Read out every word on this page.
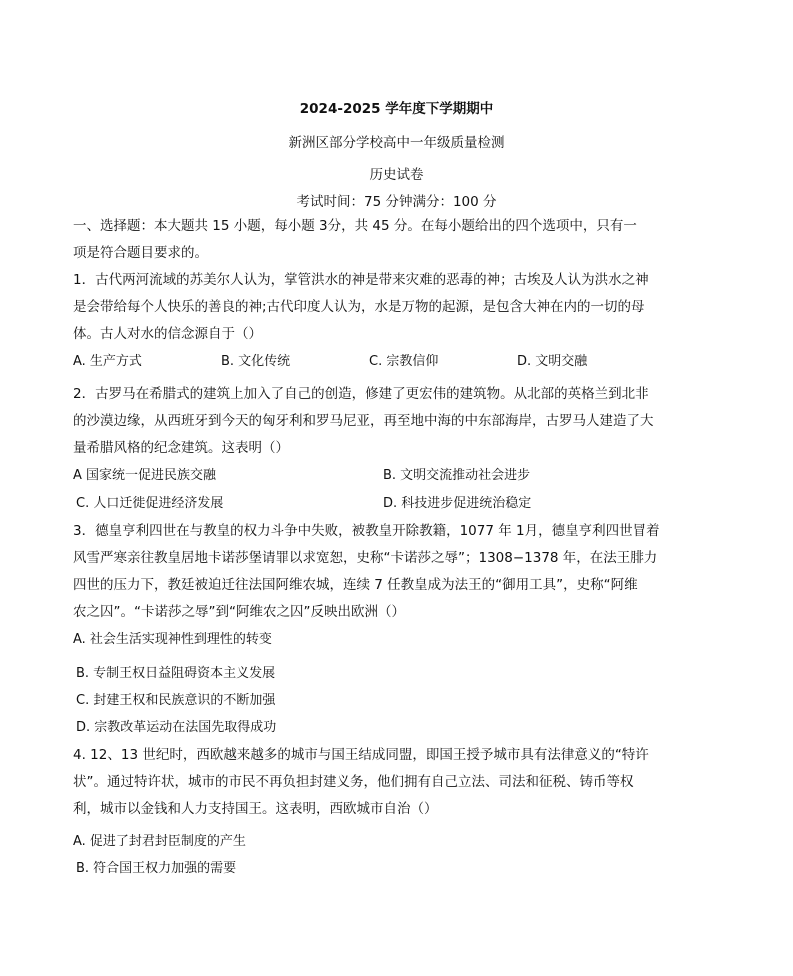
2024-2025 学年度下学期期中
新洲区部分学校高中一年级质量检测
历史试卷
考试时间：75 分钟满分：100 分
一、选择题：本大题共 15 小题，每小题 3分，共 45 分。在每小题给出的四个选项中，只有一
项是符合题目要求的。
1．古代两河流域的苏美尔人认为，掌管洪水的神是带来灾难的恶毒的神；古埃及人认为洪水之神
是会带给每个人快乐的善良的神;古代印度人认为，水是万物的起源，是包含大神在内的一切的母
体。古人对水的信念源自于（）
A. 生产方式	B. 文化传统	C. 宗教信仰	D. 文明交融
2．古罗马在希腊式的建筑上加入了自己的创造，修建了更宏伟的建筑物。从北部的英格兰到北非
的沙漠边缘，从西班牙到今天的匈牙利和罗马尼亚，再至地中海的中东部海岸，古罗马人建造了大
量希腊风格的纪念建筑。这表明（）
A 国家统一促进民族交融	B. 文明交流推动社会进步
C. 人口迁徙促进经济发展	D. 科技进步促进统治稳定
3．德皇亨利四世在与教皇的权力斗争中失败，被教皇开除教籍，1077 年 1月，德皇亨利四世冒着
风雪严寒亲往教皇居地卡诺莎堡请罪以求宽恕，史称“卡诺莎之辱”；1308−1378 年，在法王腓力
四世的压力下，教廷被迫迁往法国阿维农城，连续 7 任教皇成为法王的“御用工具”，史称“阿维
农之囚”。“卡诺莎之辱”到“阿维农之囚”反映出欧洲（）
A. 社会生活实现神性到理性的转变
B. 专制王权日益阻碍资本主义发展
C. 封建王权和民族意识的不断加强
D. 宗教改革运动在法国先取得成功
4. 12、13 世纪时，西欧越来越多的城市与国王结成同盟，即国王授予城市具有法律意义的“特许
状”。通过特许状，城市的市民不再负担封建义务，他们拥有自己立法、司法和征税、铸币等权
利，城市以金钱和人力支持国王。这表明，西欧城市自治（）
A. 促进了封君封臣制度的产生
B. 符合国王权力加强的需要
